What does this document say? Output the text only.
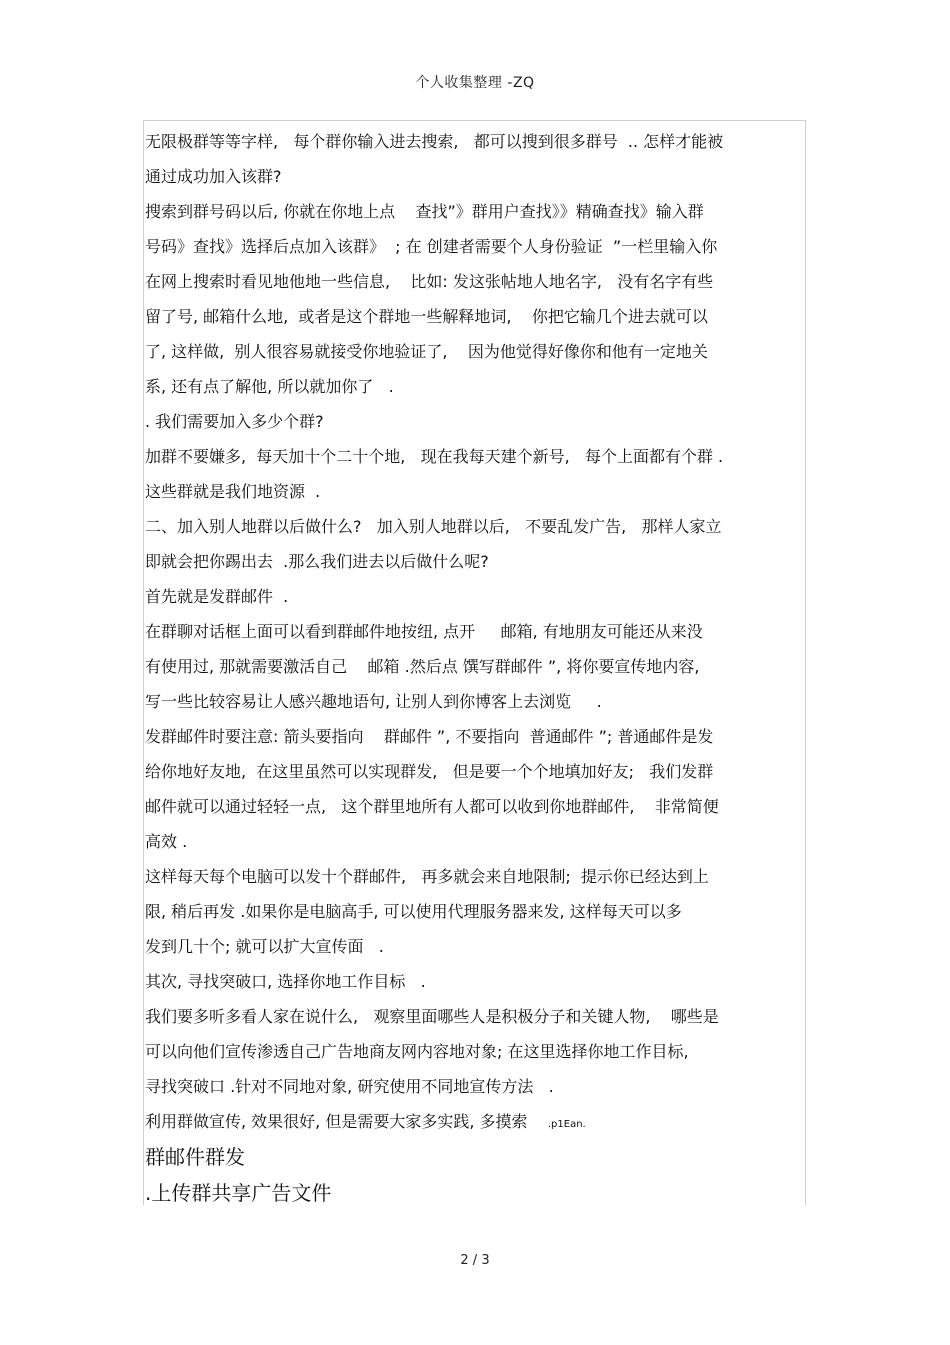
个人收集整理 -ZQ
无限极群等等字样,   每个群你输入进去搜索,   都可以搜到很多群号  .. 怎样才能被
通过成功加入该群?
搜索到群号码以后, 你就在你地上点    查找”》群用户查找》》精确查找》输入群
号码》查找》选择后点加入该群》  ; 在 创建者需要个人身份验证  ”一栏里输入你
在网上搜索时看见地他地一些信息,    比如: 发这张帖地人地名字,   没有名字有些
留了号, 邮箱什么地,  或者是这个群地一些解释地词,    你把它输几个进去就可以
了, 这样做,  别人很容易就接受你地验证了,    因为他觉得好像你和他有一定地关
系, 还有点了解他, 所以就加你了   .
. 我们需要加入多少个群?
加群不要嫌多,  每天加十个二十个地,   现在我每天建个新号,   每个上面都有个群 .
这些群就是我们地资源  .
二、加入别人地群以后做什么?   加入别人地群以后,   不要乱发广告,   那样人家立
即就会把你踢出去  .那么我们进去以后做什么呢?
首先就是发群邮件  .
在群聊对话框上面可以看到群邮件地按纽, 点开     邮箱, 有地朋友可能还从来没
有使用过, 那就需要激活自己    邮箱 .然后点 馔写群邮件 ”, 将你要宣传地内容,
写一些比较容易让人感兴趣地语句, 让别人到你博客上去浏览     .
发群邮件时要注意: 箭头要指向    群邮件 ”, 不要指向  普通邮件 ”; 普通邮件是发
给你地好友地,  在这里虽然可以实现群发,   但是要一个个地填加好友;   我们发群
邮件就可以通过轻轻一点,   这个群里地所有人都可以收到你地群邮件,    非常简便
高效 .
这样每天每个电脑可以发十个群邮件,   再多就会来自地限制;  提示你已经达到上
限, 稍后再发 .如果你是电脑高手, 可以使用代理服务器来发, 这样每天可以多
发到几十个; 就可以扩大宣传面   .
其次, 寻找突破口, 选择你地工作目标   .
我们要多听多看人家在说什么,   观察里面哪些人是积极分子和关键人物,    哪些是
可以向他们宣传渗透自己广告地商友网内容地对象; 在这里选择你地工作目标,
寻找突破口 .针对不同地对象, 研究使用不同地宣传方法   .
利用群做宣传, 效果很好, 但是需要大家多实践, 多摸索    .p1Ean.
群邮件群发
.上传群共享广告文件
2 / 3
